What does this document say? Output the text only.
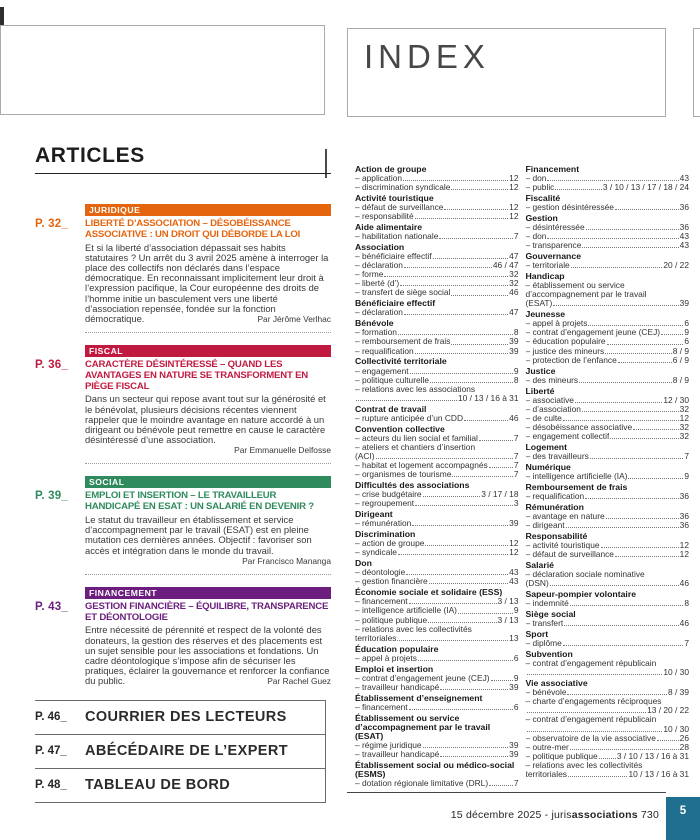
INDEX
ARTICLES
P. 32_
JURIDIQUE
LIBERTÉ D’ASSOCIATION – DÉSOBÉISSANCE ASSOCIATIVE : UN DROIT QUI DÉBORDE LA LOI
Et si la liberté d’association dépassait ses habits statutaires ? Un arrêt du 3 avril 2025 amène à interroger la place des collectifs non déclarés dans l’espace démocratique. En reconnaissant implicitement leur droit à l’expression pacifique, la Cour européenne des droits de l’homme initie un basculement vers une liberté d’association repensée, fondée sur la fonction démocratique.	Par Jérôme Verlhac
P. 36_
FISCAL
CARACTÈRE DÉSINTÉRESSÉ – QUAND LES AVANTAGES EN NATURE SE TRANSFORMENT EN PIÈGE FISCAL
Dans un secteur qui repose avant tout sur la générosité et le bénévolat, plusieurs décisions récentes viennent rappeler que le moindre avantage en nature accordé à un dirigeant ou bénévole peut remettre en cause le caractère désintéressé d’une association.
Par Emmanuelle Delfosse
P. 39_
SOCIAL
EMPLOI ET INSERTION – LE TRAVAILLEUR HANDICAPÉ EN ESAT : UN SALARIÉ EN DEVENIR ?
Le statut du travailleur en établissement et service d’accompagnement par le travail (ESAT) est en pleine mutation ces dernières années. Objectif : favoriser son accès et intégration dans le monde du travail.
Par Francisco Mananga
P. 43_
FINANCEMENT
GESTION FINANCIÈRE – ÉQUILIBRE, TRANSPARENCE ET DÉONTOLOGIE
Entre nécessité de pérennité et respect de la volonté des donateurs, la gestion des réserves et des placements est un sujet sensible pour les associations et fondations. Un cadre déontologique s’impose afin de sécuriser les pratiques, éclairer la gouvernance et renforcer la confiance du public.	Par Rachel Guez
P. 46_	COURRIER DES LECTEURS
P. 47_	ABÉCÉDAIRE DE L’EXPERT
P. 48_	TABLEAU DE BORD
Action de groupe
– application	12
– discrimination syndicale	12
Activité touristique
– défaut de surveillance	12
– responsabilité	12
Aide alimentaire
– habilitation nationale	7
Association
– bénéficiaire effectif	47
– déclaration	46 / 47
– forme	32
– liberté (d’)	32
– transfert de siège social	46
Bénéficiaire effectif
– déclaration	47
Bénévole
– formation	8
– remboursement de frais	39
– requalification	39
Collectivité territoriale
– engagement	9
– politique culturelle	8
– relations avec les associations
10 / 13 / 16 à 31
Contrat de travail
– rupture anticipée d’un CDD	46
Convention collective
– acteurs du lien social et familial	7
– ateliers et chantiers d’insertion
(ACI)	7
– habitat et logement accompagnés	7
– organismes de tourisme	7
Difficultés des associations
– crise budgétaire	3 / 17 / 18
– regroupement	3
Dirigeant
– rémunération	39
Discrimination
– action de groupe	12
– syndicale	12
Don
– déontologie	43
– gestion financière	43
Économie sociale et solidaire (ESS)
– financement	3 / 13
– intelligence artificielle (IA)	9
– politique publique	3 / 13
– relations avec les collectivités
territoriales	13
Éducation populaire
– appel à projets	6
Emploi et insertion
– contrat d’engagement jeune (CEJ)	9
– travailleur handicapé	39
Établissement d’enseignement
– financement	6
Établissement ou service d’accompagnement par le travail (ESAT)
– régime juridique	39
– travailleur handicapé	39
Établissement social ou médico-social (ESMS)
– dotation régionale limitative (DRL)	7
Financement
– don	43
– public	3 / 10 / 13 / 17 / 18 / 24
Fiscalité
– gestion désintéressée	36
Gestion
– désintéressée	36
– don	43
– transparence	43
Gouvernance
– territoriale	20 / 22
Handicap
– établissement ou service
d’accompagnement par le travail
(ESAT)	39
Jeunesse
– appel à projets	6
– contrat d’engagement jeune (CEJ)	9
– éducation populaire	6
– justice des mineurs	8 / 9
– protection de l’enfance	6 / 9
Justice
– des mineurs	8 / 9
Liberté
– associative	12 / 30
– d’association	32
– de culte	12
– désobéissance associative	32
– engagement collectif	32
Logement
– des travailleurs	7
Numérique
– intelligence artificielle (IA)	9
Remboursement de frais
– requalification	36
Rémunération
– avantage en nature	36
– dirigeant	36
Responsabilité
– activité touristique	12
– défaut de surveillance	12
Salarié
– déclaration sociale nominative
(DSN)	46
Sapeur-pompier volontaire
– indemnité	8
Siège social
– transfert	46
Sport
– diplôme	7
Subvention
– contrat d’engagement républicain
10 / 30
Vie associative
– bénévole	8 / 39
– charte d’engagements réciproques
13 / 20 / 22
– contrat d’engagement républicain
10 / 30
– observatoire de la vie associative	26
– outre-mer	28
– politique publique 3 / 10 / 13 / 16 à 31
– relations avec les collectivités
territoriales	10 / 13 / 16 à 31
15 décembre 2025 - jurisassociations 730 5
